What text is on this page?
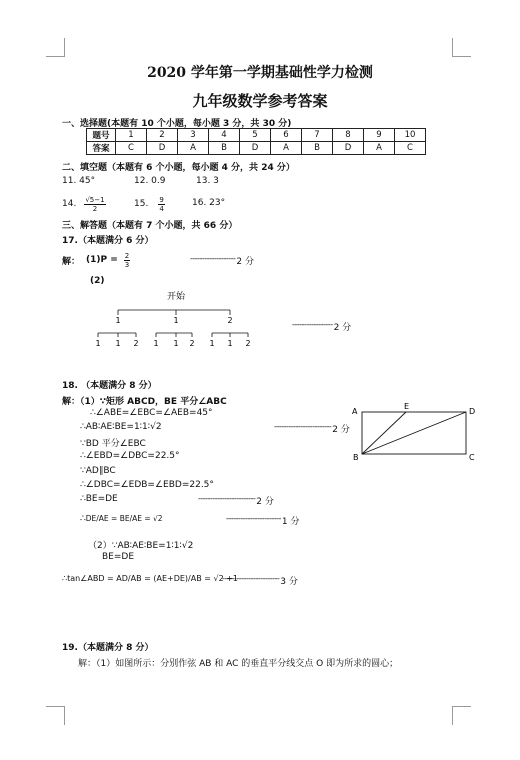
2020 学年第一学期基础性学力检测
九年级数学参考答案
一、选择题(本题有 10 个小题，每小题 3 分，共 30 分)
题号	1	2	3	4	5	6	7	8	9	10
答案	C	D	A	B	D	A	B	D	A	C
二、填空题（本题有 6 个小题，每小题 4 分，共 24 分）
11. 45°	12. 0.9	13. 3
14. $\frac{√5-1}{2}$	15. $\frac{9}{4}$	16. 23°
三、解答题（本题有 7 个小题，共 66 分）
17.（本题满分 6 分）
解： $(1)P = \frac{2}{3}$	------------------- 2 分
(2)
开始
1	1	2
1 1 2 1 1 2 1 1 2
----------------- 2 分
18. （本题满分 8 分）
解：（1）∵矩形 ABCD，BE 平分∠ABC
∴∠ABE=∠EBC=∠AEB=45°
∴AB∶AE∶BE=1∶1∶√2
∵BD 平分∠EBC
∴∠EBD=∠DBC=22.5°
∵AD∥BC
∴∠DBC=∠EDB=∠EBD=22.5°
∴BE=DE
------------------------ 2 分
------------------------ 2 分
∴DE/AE = BE/AE = √2	----------------------- 1 分
（2）∵AB∶AE∶BE=1∶1∶√2
BE=DE
∴tan∠ABD = AD/AB = (AE+DE)/AB = √2 +1
------------------------ 3 分
A
B	C
D
E
19.（本题满分 8 分）
解：（1）如图所示：分别作弦 AB 和 AC 的垂直平分线交点 O 即为所求的圆心；
